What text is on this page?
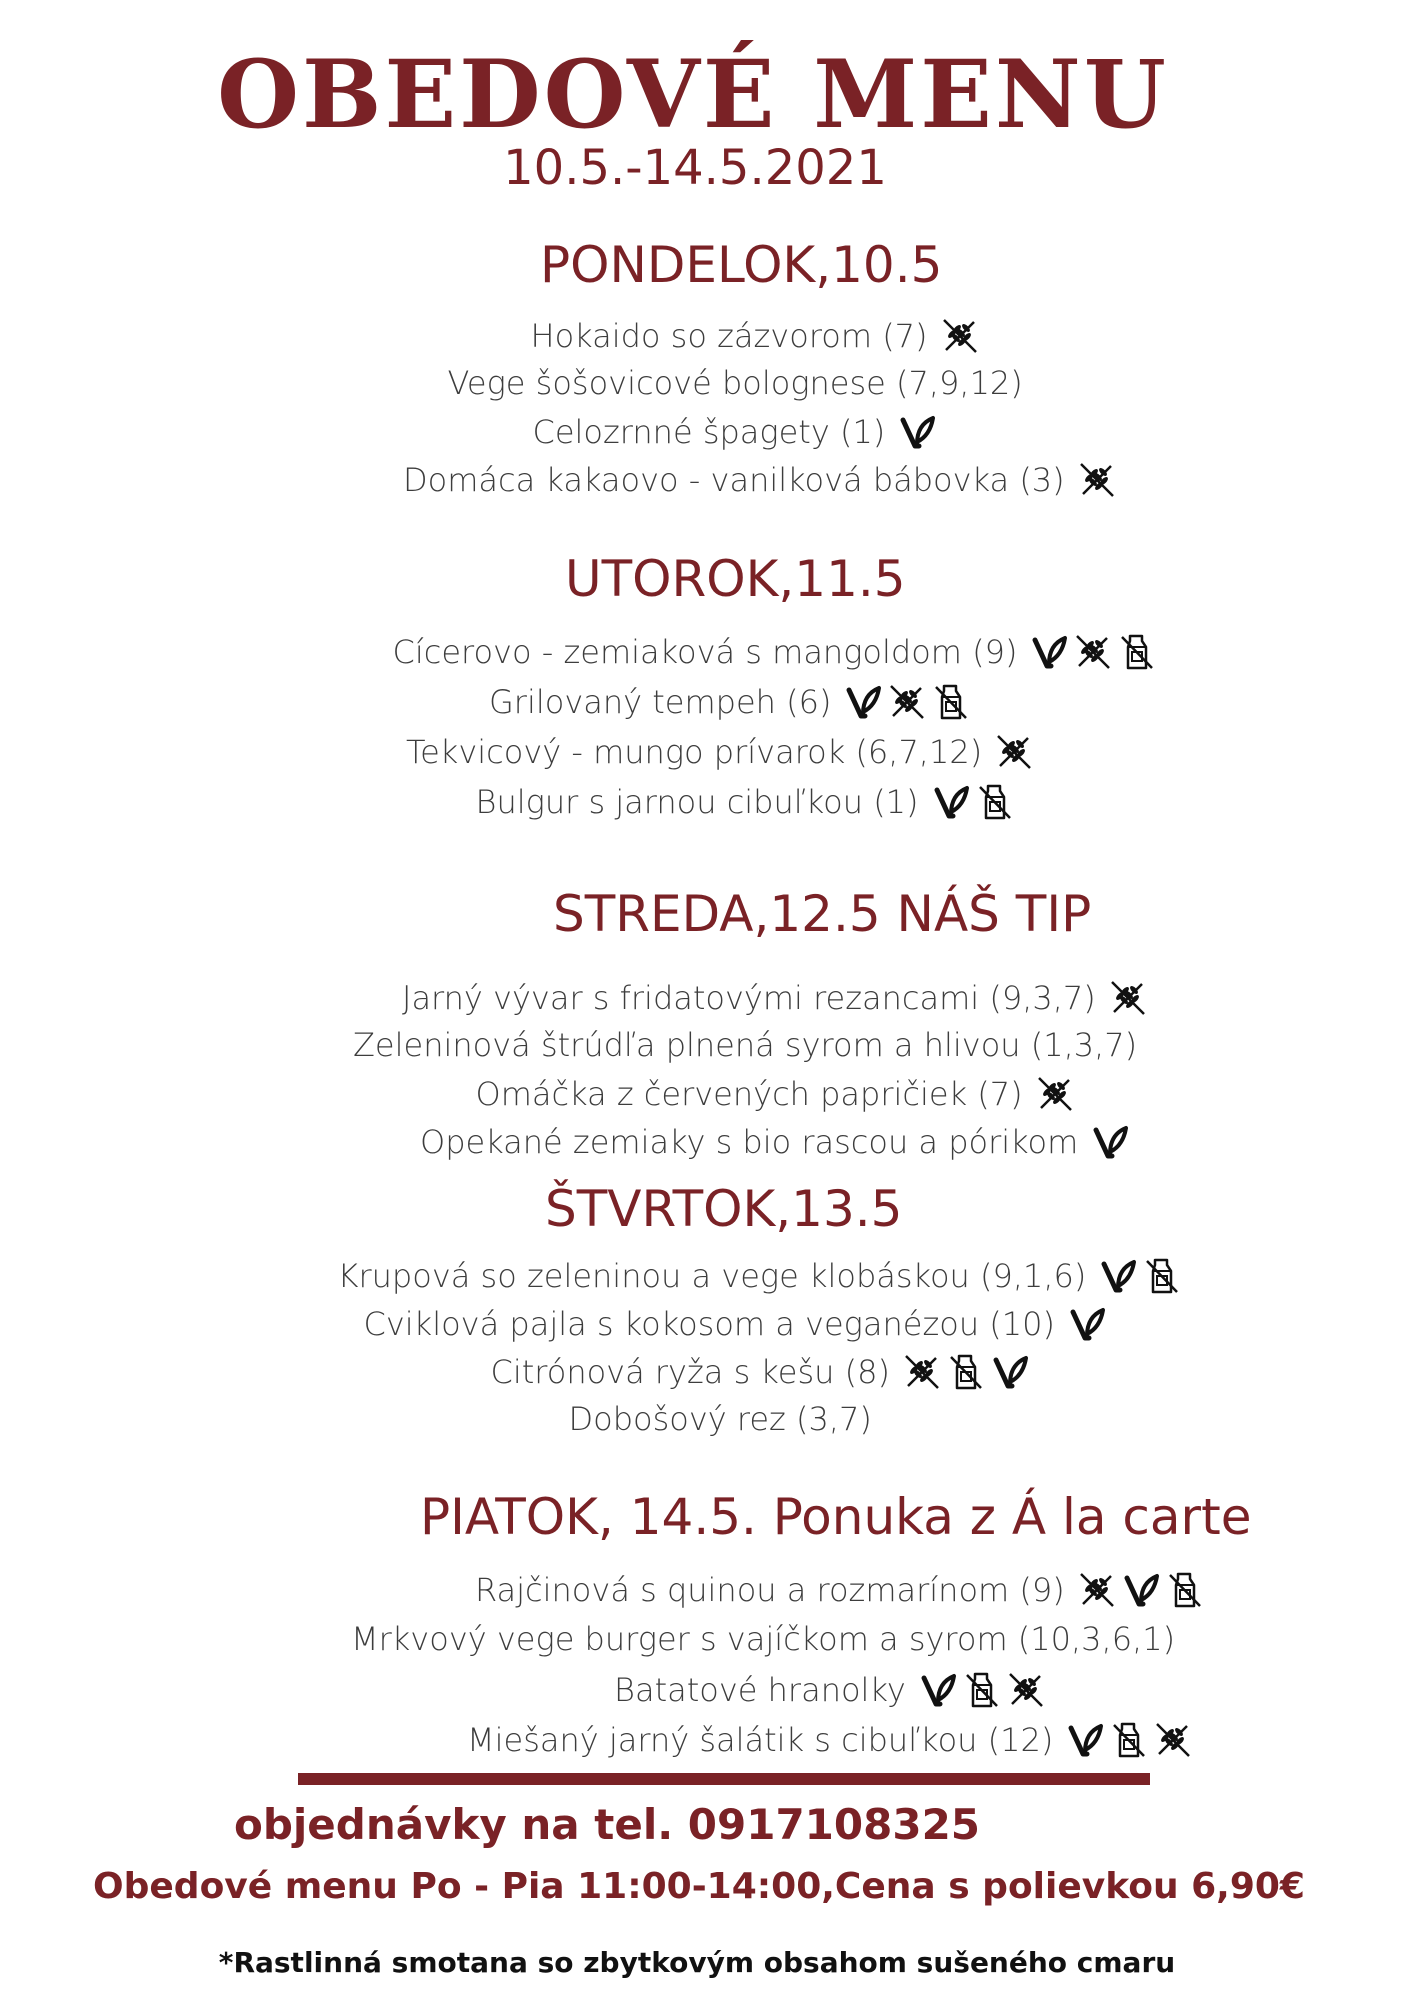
OBEDOVÉ MENU
10.5.-14.5.2021
PONDELOK,10.5
Hokaido so zázvorom (7)
Vege šošovicové bolognese (7,9,12)
Celozrnné špagety (1)
Domáca kakaovo - vanilková bábovka (3)
UTOROK,11.5
Cícerovo - zemiaková s mangoldom (9)
Grilovaný tempeh (6)
Tekvicový - mungo prívarok (6,7,12)
Bulgur s jarnou cibuľkou (1)
STREDA,12.5 NÁŠ TIP
Jarný vývar s fridatovými rezancami (9,3,7)
Zeleninová štrúdľa plnená syrom a hlivou (1,3,7)
Omáčka z červených papričiek (7)
Opekané zemiaky s bio rascou a pórikom
ŠTVRTOK,13.5
Krupová so zeleninou a vege klobáskou (9,1,6)
Cviklová pajla s kokosom a veganézou (10)
Citrónová ryža s kešu (8)
Dobošový rez (3,7)
PIATOK, 14.5. Ponuka z Á la carte
Rajčinová s quinou a rozmarínom (9)
Mrkvový vege burger s vajíčkom a syrom (10,3,6,1)
Batatové hranolky
Miešaný jarný šalátik s cibuľkou (12)
objednávky na tel. 0917108325
Obedové menu Po - Pia 11:00-14:00,Cena s polievkou 6,90€
*Rastlinná smotana so zbytkovým obsahom sušeného cmaru
